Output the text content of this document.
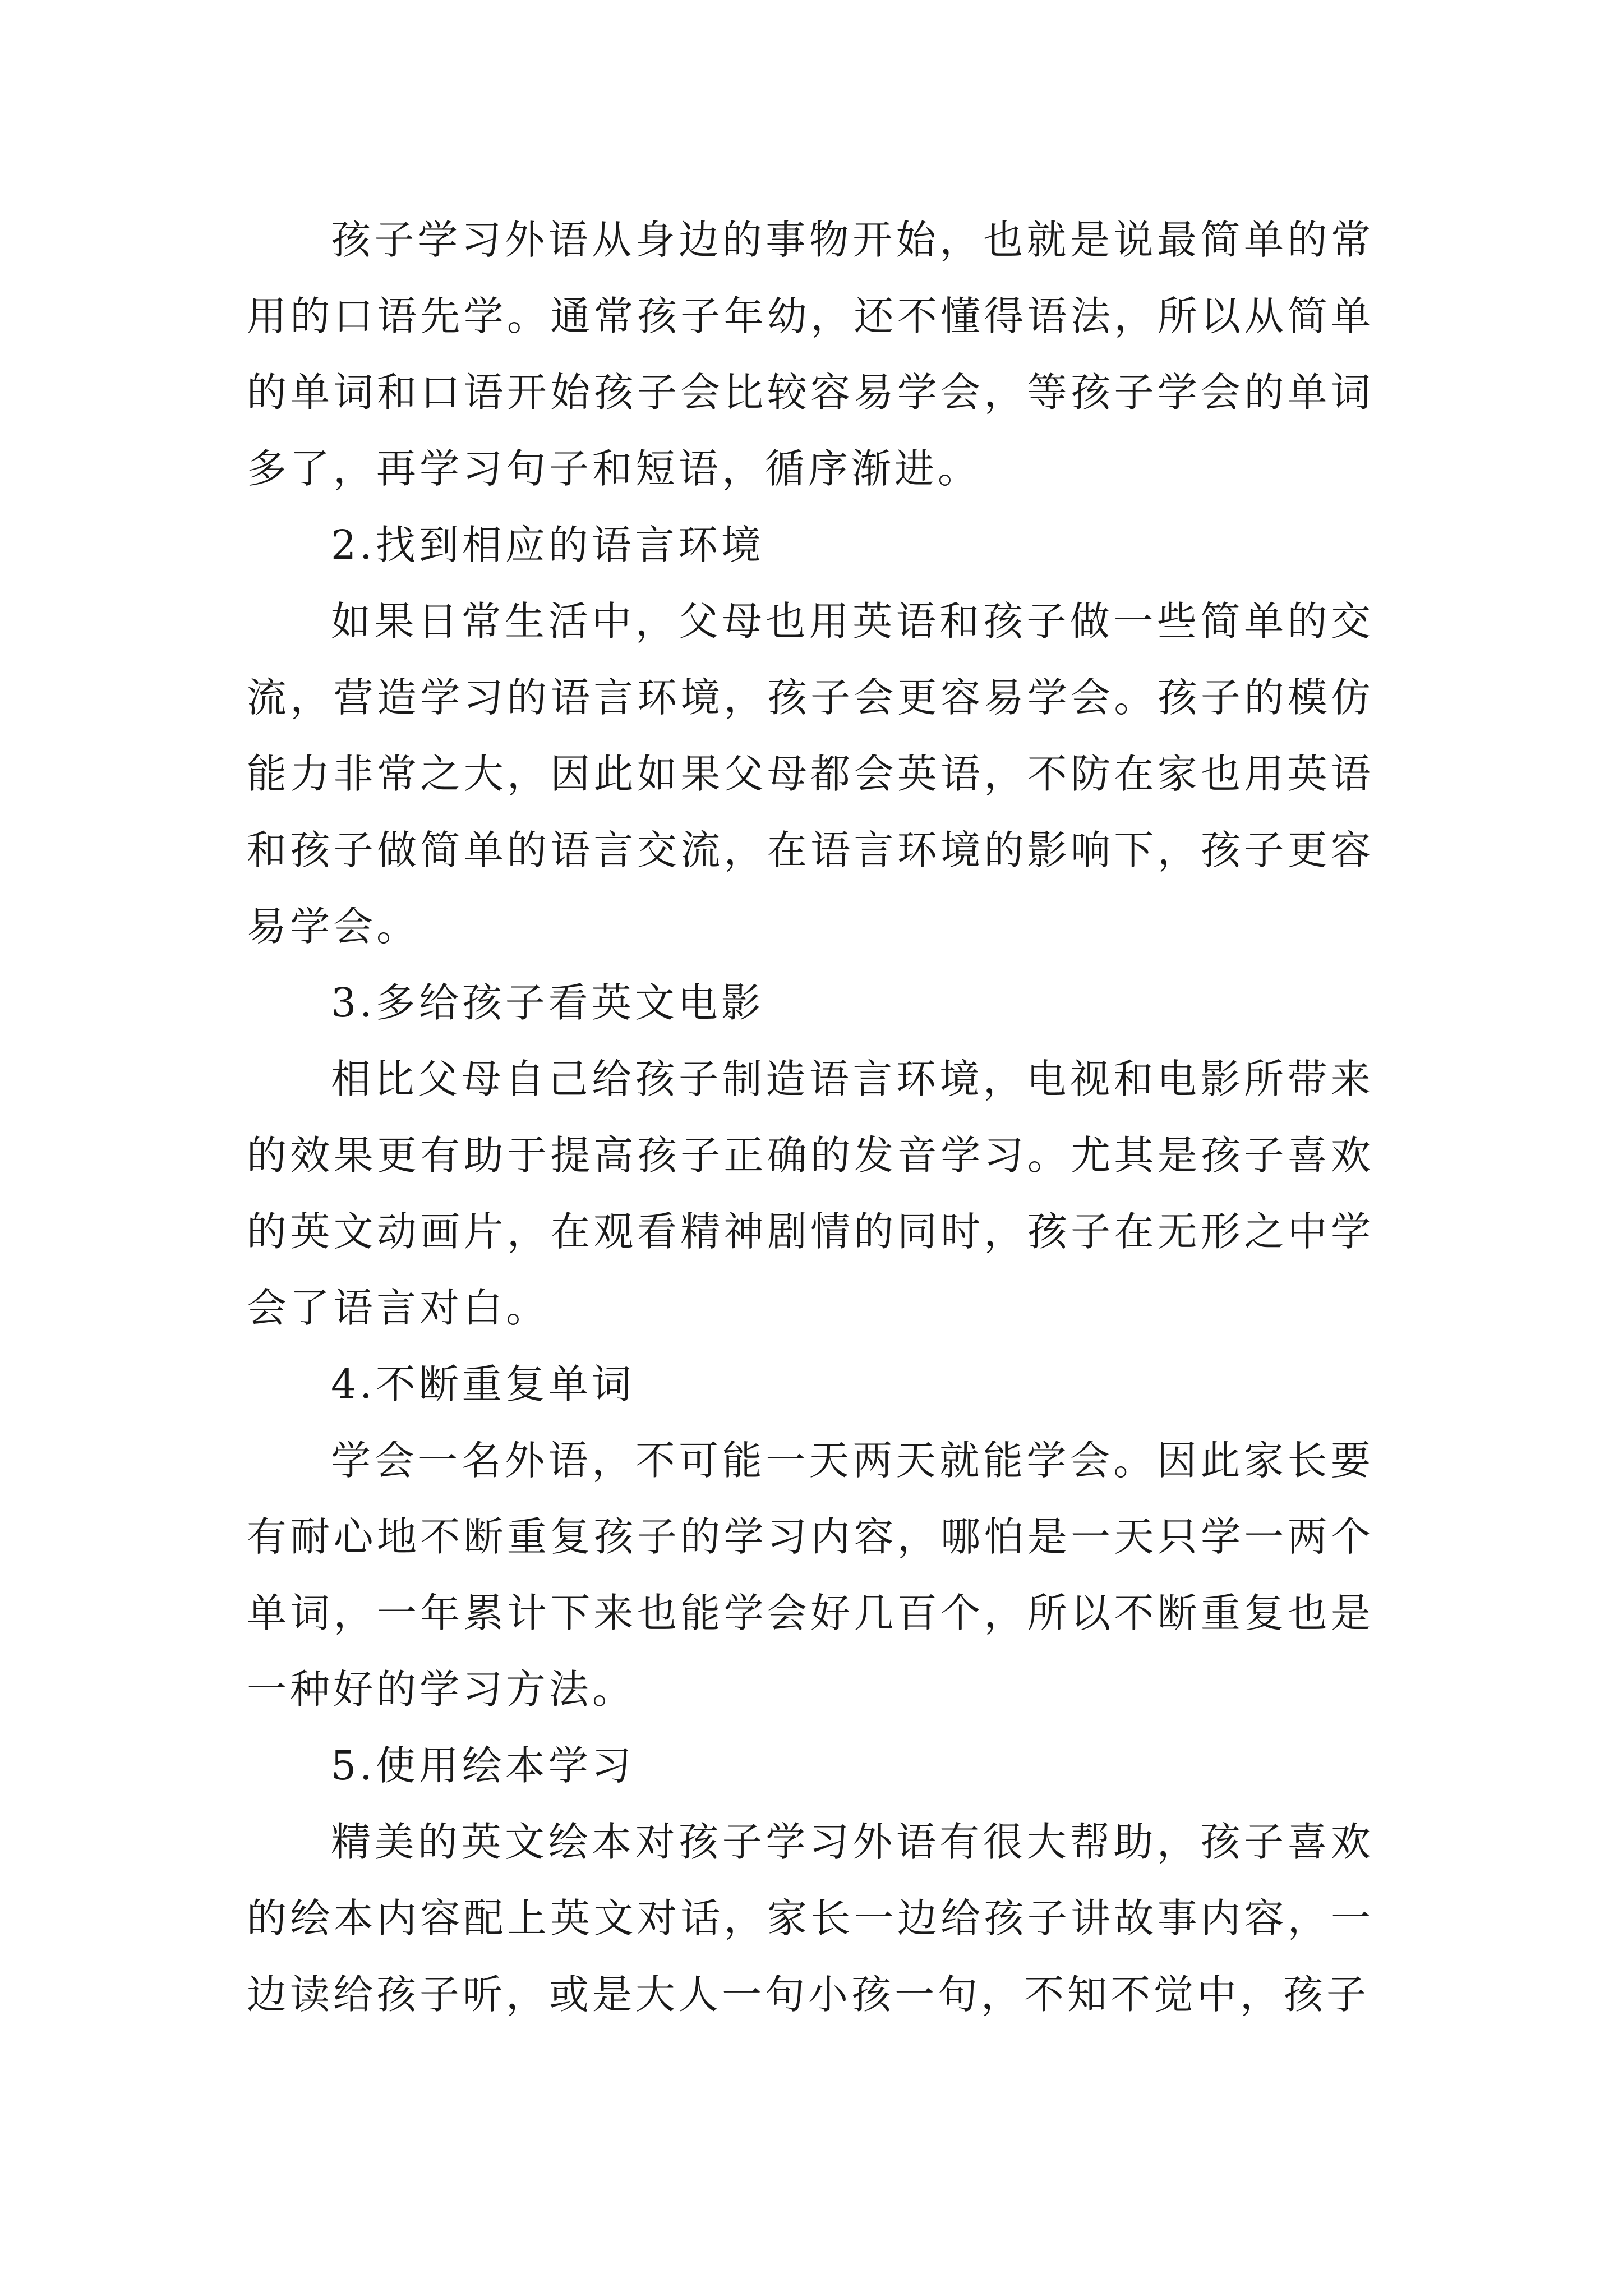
孩子学习外语从身边的事物开始，也就是说最简单的常用的口语先学。通常孩子年幼，还不懂得语法，所以从简单的单词和口语开始孩子会比较容易学会，等孩子学会的单词多了，再学习句子和短语，循序渐进。

2.找到相应的语言环境

如果日常生活中，父母也用英语和孩子做一些简单的交流，营造学习的语言环境，孩子会更容易学会。孩子的模仿能力非常之大，因此如果父母都会英语，不防在家也用英语和孩子做简单的语言交流，在语言环境的影响下，孩子更容易学会。

3.多给孩子看英文电影

相比父母自己给孩子制造语言环境，电视和电影所带来的效果更有助于提高孩子正确的发音学习。尤其是孩子喜欢的英文动画片，在观看精神剧情的同时，孩子在无形之中学会了语言对白。

4.不断重复单词

学会一名外语，不可能一天两天就能学会。因此家长要有耐心地不断重复孩子的学习内容，哪怕是一天只学一两个单词，一年累计下来也能学会好几百个，所以不断重复也是一种好的学习方法。

5.使用绘本学习

精美的英文绘本对孩子学习外语有很大帮助，孩子喜欢的绘本内容配上英文对话，家长一边给孩子讲故事内容，一边读给孩子听，或是大人一句小孩一句，不知不觉中，孩子
